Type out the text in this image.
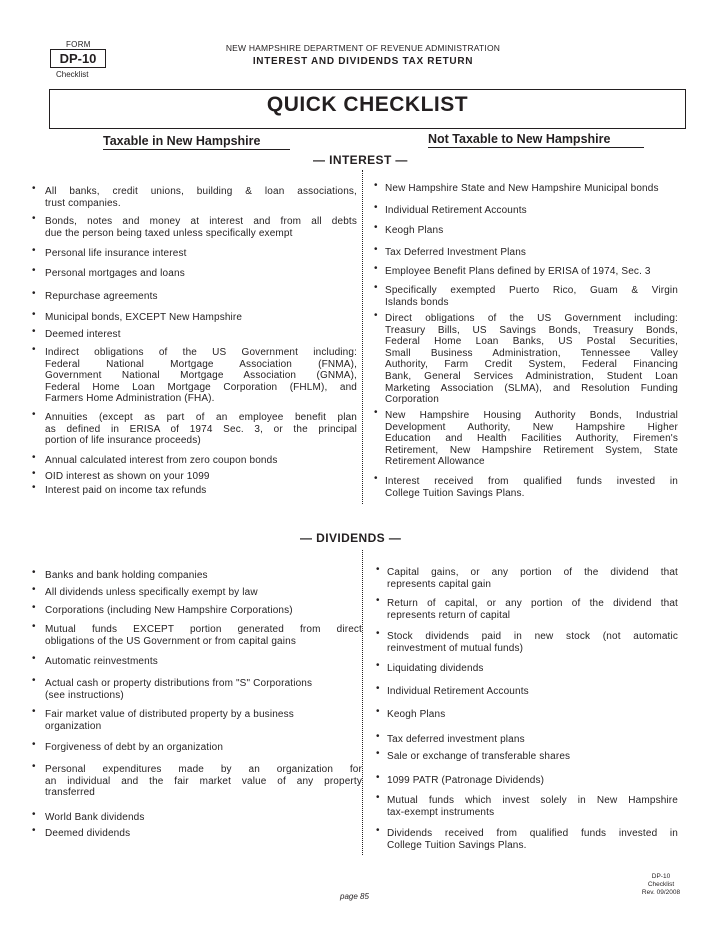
FORM
DP-10
Checklist
NEW HAMPSHIRE DEPARTMENT OF REVENUE ADMINISTRATION
INTEREST AND DIVIDENDS TAX RETURN
QUICK CHECKLIST
Taxable in New Hampshire	Not Taxable to New Hampshire
— INTEREST —
• All banks, credit unions, building & loan associations,
trust companies.
• Bonds, notes and money at interest and from all debts
due the person being taxed unless specifically exempt
• Personal life insurance interest
• Personal mortgages and loans
• Repurchase agreements
• Municipal bonds, EXCEPT New Hampshire
• Deemed interest
• Indirect obligations of the US Government including:
Federal National Mortgage Association (FNMA),
Government National Mortgage Association (GNMA),
Federal Home Loan Mortgage Corporation (FHLM), and
Farmers Home Administration (FHA).
• Annuities (except as part of an employee benefit plan
as defined in ERISA of 1974 Sec. 3, or the principal
portion of life insurance proceeds)
• Annual calculated interest from zero coupon bonds
• OID interest as shown on your 1099
• Interest paid on income tax refunds
• New Hampshire State and New Hampshire Municipal bonds
• Individual Retirement Accounts
• Keogh Plans
• Tax Deferred Investment Plans
• Employee Benefit Plans defined by ERISA of 1974, Sec. 3
• Specifically exempted Puerto Rico, Guam & Virgin
Islands bonds
• Direct obligations of the US Government including:
Treasury Bills, US Savings Bonds, Treasury Bonds,
Federal Home Loan Banks, US Postal Securities,
Small Business Administration, Tennessee Valley
Authority, Farm Credit System, Federal Financing
Bank, General Services Administration, Student Loan
Marketing Association (SLMA), and Resolution Funding
Corporation
• New Hampshire Housing Authority Bonds, Industrial
Development Authority, New Hampshire Higher
Education and Health Facilities Authority, Firemen's
Retirement, New Hampshire Retirement System, State
Retirement Allowance
• Interest received from qualified funds invested in
College Tuition Savings Plans.
— DIVIDENDS —
• Banks and bank holding companies
• All dividends unless specifically exempt by law
• Corporations (including New Hampshire Corporations)
• Mutual funds EXCEPT portion generated from direct
obligations of the US Government or from capital gains
• Automatic reinvestments
• Actual cash or property distributions from "S" Corporations
(see instructions)
• Fair market value of distributed property by a business
organization
• Forgiveness of debt by an organization
• Personal expenditures made by an organization for
an individual and the fair market value of any property
transferred
• World Bank dividends
• Deemed dividends
• Capital gains, or any portion of the dividend that
represents capital gain
• Return of capital, or any portion of the dividend that
represents return of capital
• Stock dividends paid in new stock (not automatic
reinvestment of mutual funds)
• Liquidating dividends
• Individual Retirement Accounts
• Keogh Plans
• Tax deferred investment plans
• Sale or exchange of transferable shares
• 1099 PATR (Patronage Dividends)
• Mutual funds which invest solely in New Hampshire
tax-exempt instruments
• Dividends received from qualified funds invested in
College Tuition Savings Plans.
DP-10
Checklist
Rev. 09/2008
page 85
